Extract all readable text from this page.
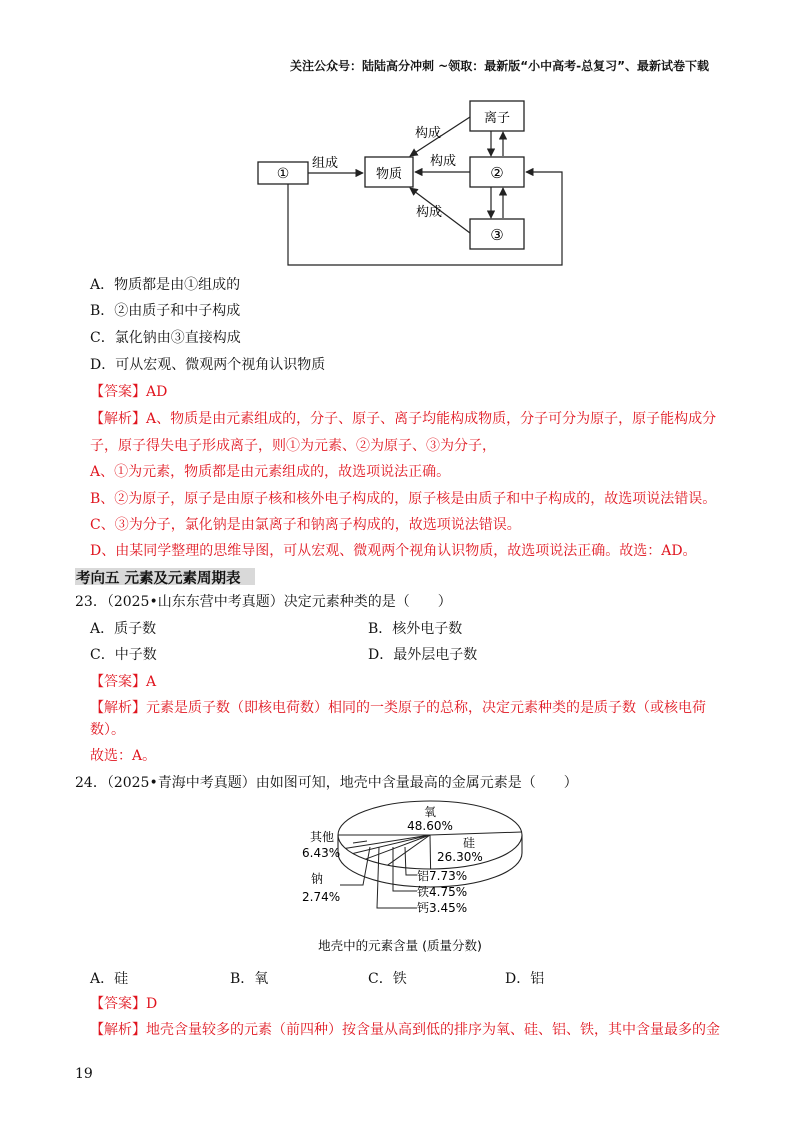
关注公众号：陆陆高分冲刺 ~领取：最新版“小中高考-总复习”、最新试卷下载
①	物质	②
离子
③
组成	构成
构成
构成
A．物质都是由①组成的
B．②由质子和中子构成
C．氯化钠由③直接构成
D．可从宏观、微观两个视角认识物质
【答案】AD
【解析】A、物质是由元素组成的，分子、原子、离子均能构成物质，分子可分为原子，原子能构成分
子，原子得失电子形成离子，则①为元素、②为原子、③为分子，
A、①为元素，物质都是由元素组成的，故选项说法正确。
B、②为原子，原子是由原子核和核外电子构成的，原子核是由质子和中子构成的，故选项说法错误。
C、③为分子，氯化钠是由氯离子和钠离子构成的，故选项说法错误。
D、由某同学整理的思维导图，可从宏观、微观两个视角认识物质，故选项说法正确。故选：AD。
考向五 元素及元素周期表
23．（2025•山东东营中考真题）决定元素种类的是（　　）
A．质子数	B．核外电子数
C．中子数	D．最外层电子数
【答案】A
【解析】元素是质子数（即核电荷数）相同的一类原子的总称，决定元素种类的是质子数（或核电荷
数）。
故选：A。
24．（2025•青海中考真题）由如图可知，地壳中含量最高的金属元素是（　　）
氧
48.60%
硅
26.30%
其他
6.43%
钠
2.74%
铝7.73%
铁4.75%
钙3.45%
地壳中的元素含量 (质量分数)
A．硅	B．氧	C．铁	D．铝
【答案】D
【解析】地壳含量较多的元素（前四种）按含量从高到低的排序为氧、硅、铝、铁，其中含量最多的金
19
